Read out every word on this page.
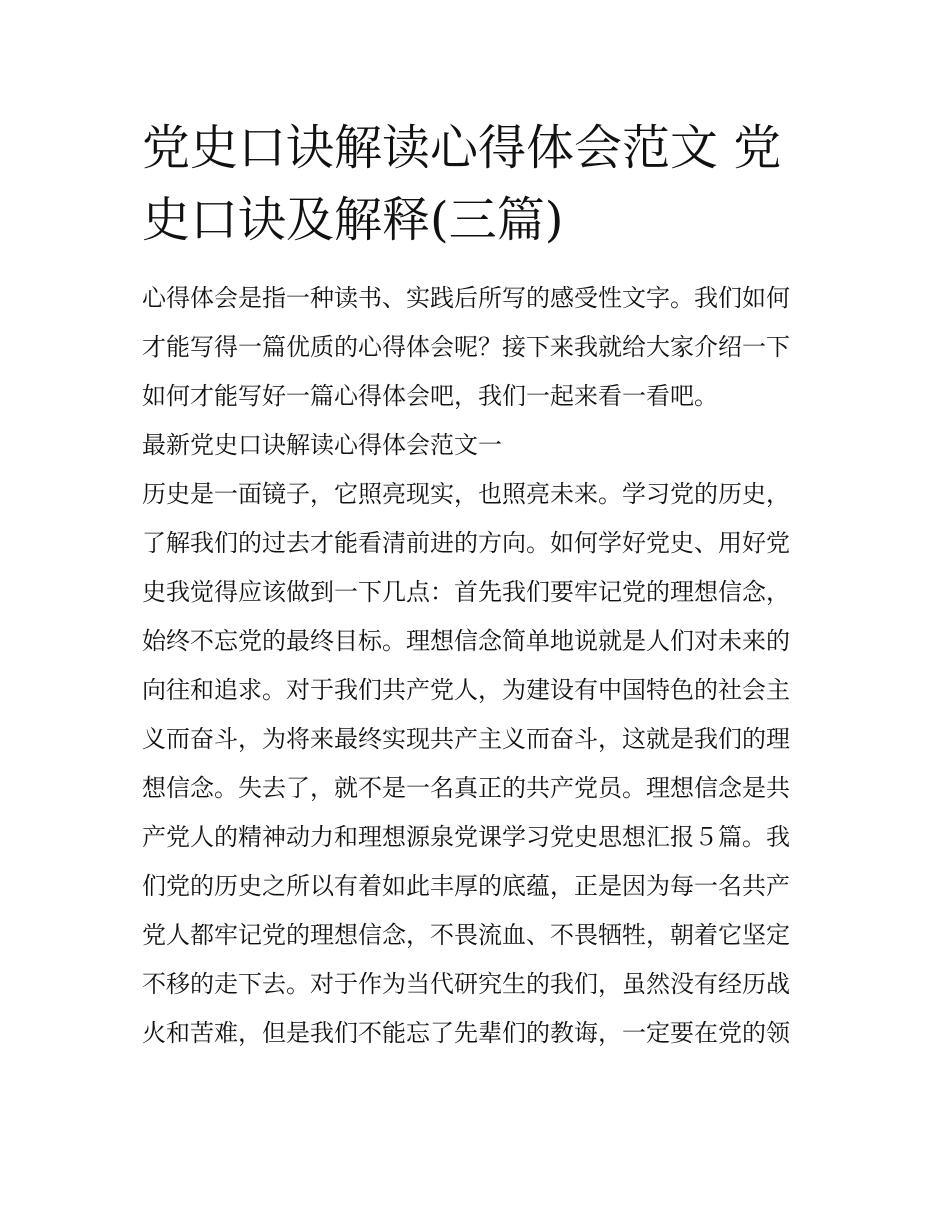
党史口诀解读心得体会范文 党
史口诀及解释(三篇)
心得体会是指一种读书、实践后所写的感受性文字。我们如何
才能写得一篇优质的心得体会呢？接下来我就给大家介绍一下
如何才能写好一篇心得体会吧，我们一起来看一看吧。
最新党史口诀解读心得体会范文一
历史是一面镜子，它照亮现实，也照亮未来。学习党的历史，
了解我们的过去才能看清前进的方向。如何学好党史、用好党
史我觉得应该做到一下几点：首先我们要牢记党的理想信念，
始终不忘党的最终目标。理想信念简单地说就是人们对未来的
向往和追求。对于我们共产党人，为建设有中国特色的社会主
义而奋斗，为将来最终实现共产主义而奋斗，这就是我们的理
想信念。失去了，就不是一名真正的共产党员。理想信念是共
产党人的精神动力和理想源泉党课学习党史思想汇报５篇。我
们党的历史之所以有着如此丰厚的底蕴，正是因为每一名共产
党人都牢记党的理想信念，不畏流血、不畏牺牲，朝着它坚定
不移的走下去。对于作为当代研究生的我们，虽然没有经历战
火和苦难，但是我们不能忘了先辈们的教诲，一定要在党的领
